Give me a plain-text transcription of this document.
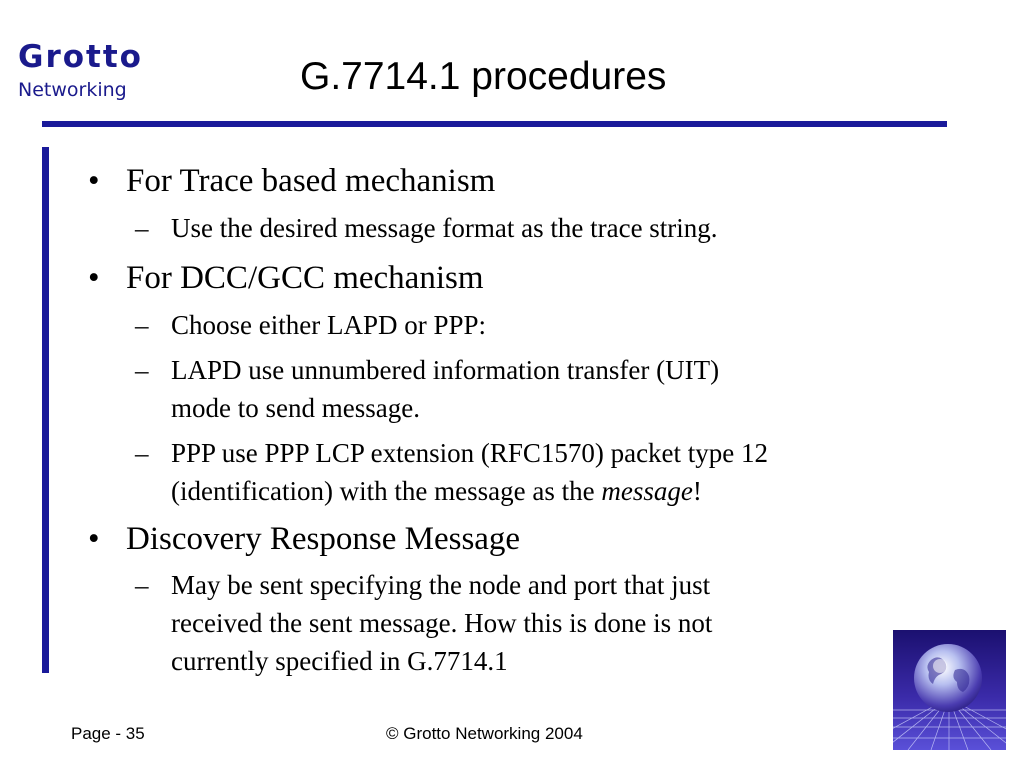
Grotto
Networking	G.7714.1 procedures
• For Trace based mechanism
– Use the desired message format as the trace string.
• For DCC/GCC mechanism
– Choose either LAPD or PPP:
– LAPD use unnumbered information transfer (UIT)
mode to send message.
– PPP use PPP LCP extension (RFC1570) packet type 12
(identification) with the message as the message!
• Discovery Response Message
– May be sent specifying the node and port that just
received the sent message. How this is done is not
currently specified in G.7714.1
Page - 35	© Grotto Networking 2004
